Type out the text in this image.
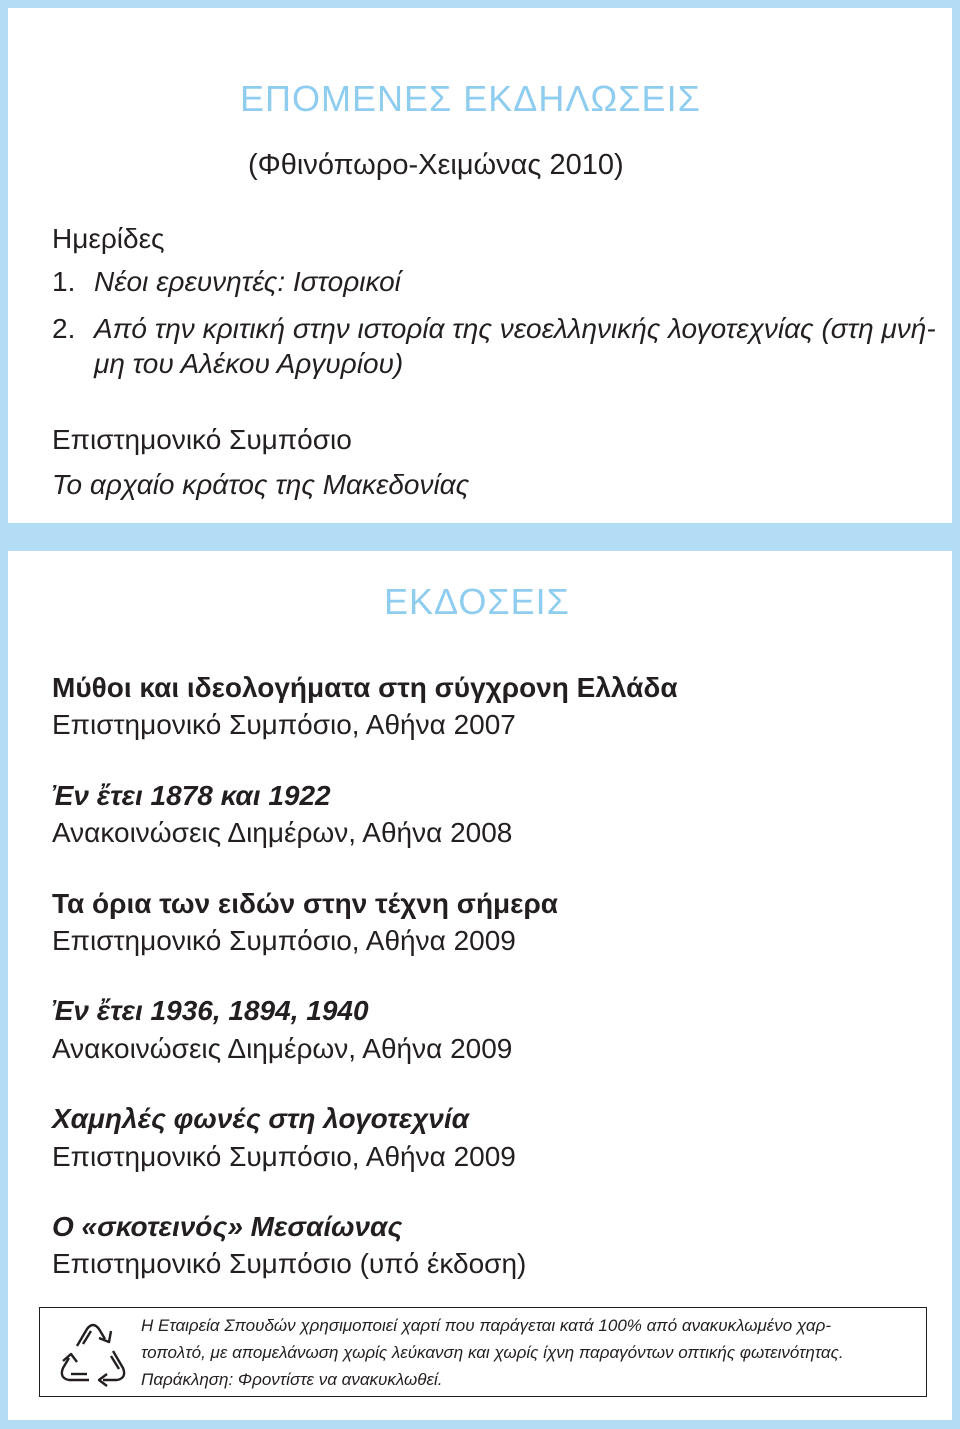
ΕΠΟΜΕΝΕΣ ΕΚΔΗΛΩΣΕΙΣ
(Φθινόπωρο-Χειμώνας 2010)
Ημερίδες
1. Νέοι ερευνητές: Ιστορικοί
2. Από την κριτική στην ιστορία της νεοελληνικής λογοτεχνίας (στη μνή-
μη του Αλέκου Αργυρίου)
Επιστημονικό Συμπόσιο
Το αρχαίο κράτος της Μακεδονίας
ΕΚΔΟΣΕΙΣ
Μύθοι και ιδεολογήματα στη σύγχρονη Ελλάδα
Επιστημονικό Συμπόσιο, Αθήνα 2007
Ἐν ἔτει 1878 και 1922
Ανακοινώσεις Διημέρων, Αθήνα 2008
Τα όρια των ειδών στην τέχνη σήμερα
Επιστημονικό Συμπόσιο, Αθήνα 2009
Ἐν ἔτει 1936, 1894, 1940
Ανακοινώσεις Διημέρων, Αθήνα 2009
Χαμηλές φωνές στη λογοτεχνία
Επιστημονικό Συμπόσιο, Αθήνα 2009
Ο «σκοτεινός» Μεσαίωνας
Επιστημονικό Συμπόσιο (υπό έκδοση)
Η Εταιρεία Σπουδών χρησιμοποιεί χαρτί που παράγεται κατά 100% από ανακυκλωμένο χαρ-
τοπολτό, με απομελάνωση χωρίς λεύκανση και χωρίς ίχνη παραγόντων οπτικής φωτεινότητας.
Παράκληση: Φροντίστε να ανακυκλωθεί.
